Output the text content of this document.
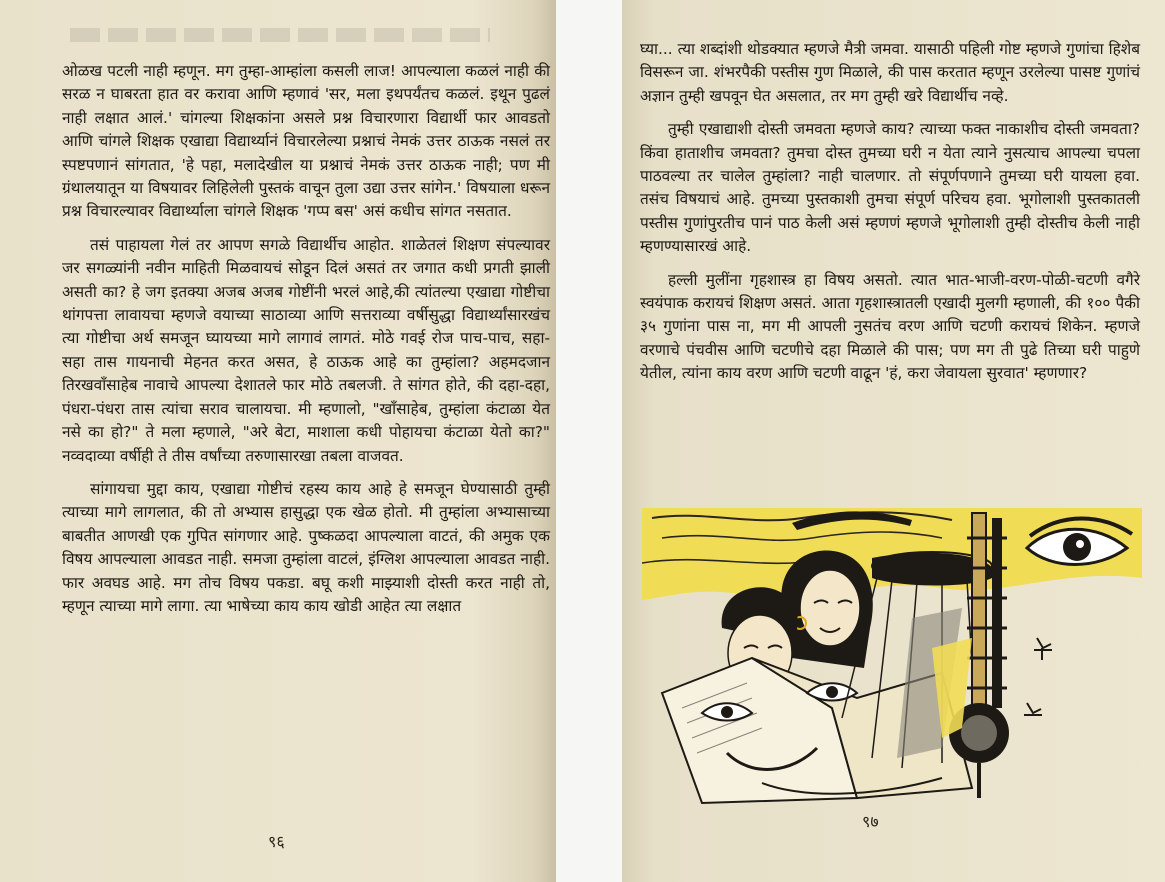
ओळख पटली नाही म्हणून. मग तुम्हा-आम्हांला कसली लाज! आपल्याला कळलं नाही की सरळ न घाबरता हात वर करावा आणि म्हणावं 'सर, मला इथपर्यंतच कळलं. इथून पुढलं नाही लक्षात आलं.' चांगल्या शिक्षकांना असले प्रश्न विचारणारा विद्यार्थी फार आवडतो आणि चांगले शिक्षक एखाद्या विद्यार्थ्यानं विचारलेल्या प्रश्नाचं नेमकं उत्तर ठाऊक नसलं तर स्पष्टपणानं सांगतात, 'हे पहा, मलादेखील या प्रश्नाचं नेमकं उत्तर ठाऊक नाही; पण मी ग्रंथालयातून या विषयावर लिहिलेली पुस्तकं वाचून तुला उद्या उत्तर सांगेन.' विषयाला धरून प्रश्न विचारल्यावर विद्यार्थ्याला चांगले शिक्षक 'गप्प बस' असं कधीच सांगत नसतात.

तसं पाहायला गेलं तर आपण सगळे विद्यार्थीच आहोत. शाळेतलं शिक्षण संपल्यावर जर सगळ्यांनी नवीन माहिती मिळवायचं सोडून दिलं असतं तर जगात कधी प्रगती झाली असती का? हे जग इतक्या अजब अजब गोष्टींनी भरलं आहे,की त्यांतल्या एखाद्या गोष्टीचा थांगपत्ता लावायचा म्हणजे वयाच्या साठाव्या आणि सत्तराव्या वर्षीसुद्धा विद्यार्थ्यांसारखंच त्या गोष्टीचा अर्थ समजून घ्यायच्या मागे लागावं लागतं. मोठे गवई रोज पाच-पाच, सहा-सहा तास गायनाची मेहनत करत असत, हे ठाऊक आहे का तुम्हांला? अहमदजान तिरखवाँसाहेब नावाचे आपल्या देशातले फार मोठे तबलजी. ते सांगत होते, की दहा-दहा, पंधरा-पंधरा तास त्यांचा सराव चालायचा. मी म्हणालो, "खाँसाहेब, तुम्हांला कंटाळा येत नसे का हो?" ते मला म्हणाले, "अरे बेटा, माशाला कधी पोहायचा कंटाळा येतो का?" नव्वदाव्या वर्षीही ते तीस वर्षांच्या तरुणासारखा तबला वाजवत.

सांगायचा मुद्दा काय, एखाद्या गोष्टीचं रहस्य काय आहे हे समजून घेण्यासाठी तुम्ही त्याच्या मागे लागलात, की तो अभ्यास हासुद्धा एक खेळ होतो. मी तुम्हांला अभ्यासाच्या बाबतीत आणखी एक गुपित सांगणार आहे. पुष्कळदा आपल्याला वाटतं, की अमुक एक विषय आपल्याला आवडत नाही. समजा तुम्हांला वाटलं, इंग्लिश आपल्याला आवडत नाही. फार अवघड आहे. मग तोच विषय पकडा. बघू कशी माझ्याशी दोस्ती करत नाही तो, म्हणून त्याच्या मागे लागा. त्या भाषेच्या काय काय खोडी आहेत त्या लक्षात

९६

घ्या... त्या शब्दांशी थोडक्यात म्हणजे मैत्री जमवा. यासाठी पहिली गोष्ट म्हणजे गुणांचा हिशेब विसरून जा. शंभरपैकी पस्तीस गुण मिळाले, की पास करतात म्हणून उरलेल्या पासष्ट गुणांचं अज्ञान तुम्ही खपवून घेत असलात, तर मग तुम्ही खरे विद्यार्थीच नव्हे.

तुम्ही एखाद्याशी दोस्ती जमवता म्हणजे काय? त्याच्या फक्त नाकाशीच दोस्ती जमवता? किंवा हाताशीच जमवता? तुमचा दोस्त तुमच्या घरी न येता त्याने नुसत्याच आपल्या चपला पाठवल्या तर चालेल तुम्हांला? नाही चालणार. तो संपूर्णपणाने तुमच्या घरी यायला हवा. तसंच विषयाचं आहे. तुमच्या पुस्तकाशी तुमचा संपूर्ण परिचय हवा. भूगोलाशी पुस्तकातली पस्तीस गुणांपुरतीच पानं पाठ केली असं म्हणणं म्हणजे भूगोलाशी तुम्ही दोस्तीच केली नाही म्हणण्यासारखं आहे.

हल्ली मुलींना गृहशास्त्र हा विषय असतो. त्यात भात-भाजी-वरण-पोळी-चटणी वगैरे स्वयंपाक करायचं शिक्षण असतं. आता गृहशास्त्रातली एखादी मुलगी म्हणाली, की १०० पैकी ३५ गुणांना पास ना, मग मी आपली नुसतंच वरण आणि चटणी करायचं शिकेन. म्हणजे वरणाचे पंचवीस आणि चटणीचे दहा मिळाले की पास; पण मग ती पुढे तिच्या घरी पाहुणे येतील, त्यांना काय वरण आणि चटणी वाढून 'हं, करा जेवायला सुरवात' म्हणणार?

९७
